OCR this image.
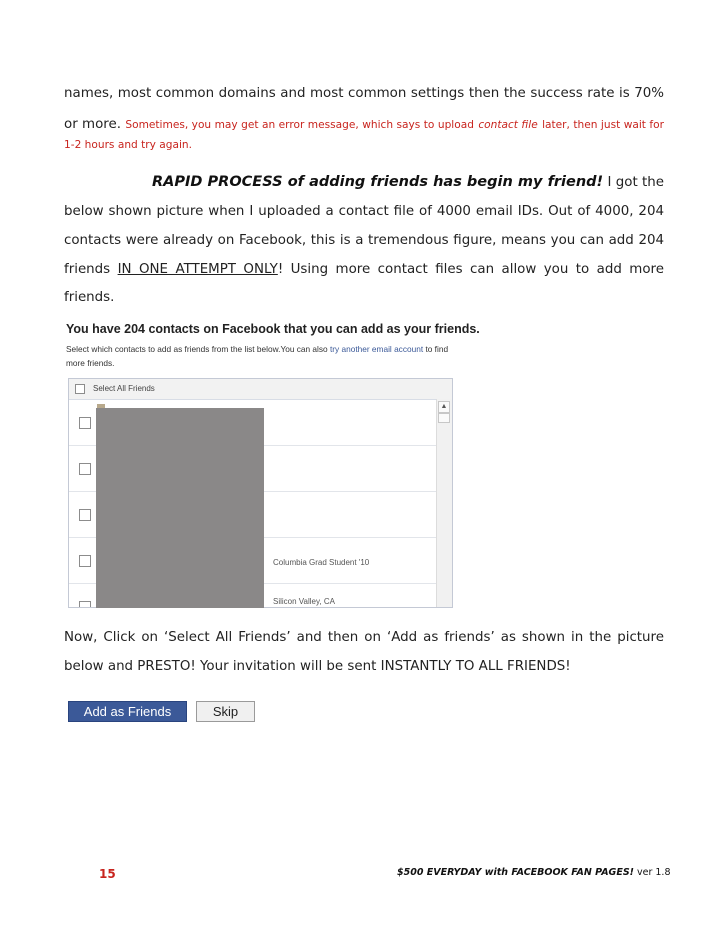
names, most common domains and most common settings then the success rate is 70%
or more. Sometimes, you may get an error message, which says to upload contact file later, then just wait for
1-2 hours and try again.
RAPID PROCESS of adding friends has begin my friend! I got the
below shown picture when I uploaded a contact file of 4000 email IDs. Out of 4000, 204
contacts were already on Facebook, this is a tremendous figure, means you can add 204
friends IN ONE ATTEMPT ONLY! Using more contact files can allow you to add more
friends.
You have 204 contacts on Facebook that you can add as your friends.
Select which contacts to add as friends from the list below.You can also try another email account to find more friends.
Select All Friends
Columbia Grad Student '10
Silicon Valley, CA
▲
Now, Click on ‘Select All Friends’ and then on ‘Add as friends’ as shown in the picture
below and PRESTO! Your invitation will be sent INSTANTLY TO ALL FRIENDS!
Add as Friends	Skip
15	$500 EVERYDAY with FACEBOOK FAN PAGES! ver 1.8
